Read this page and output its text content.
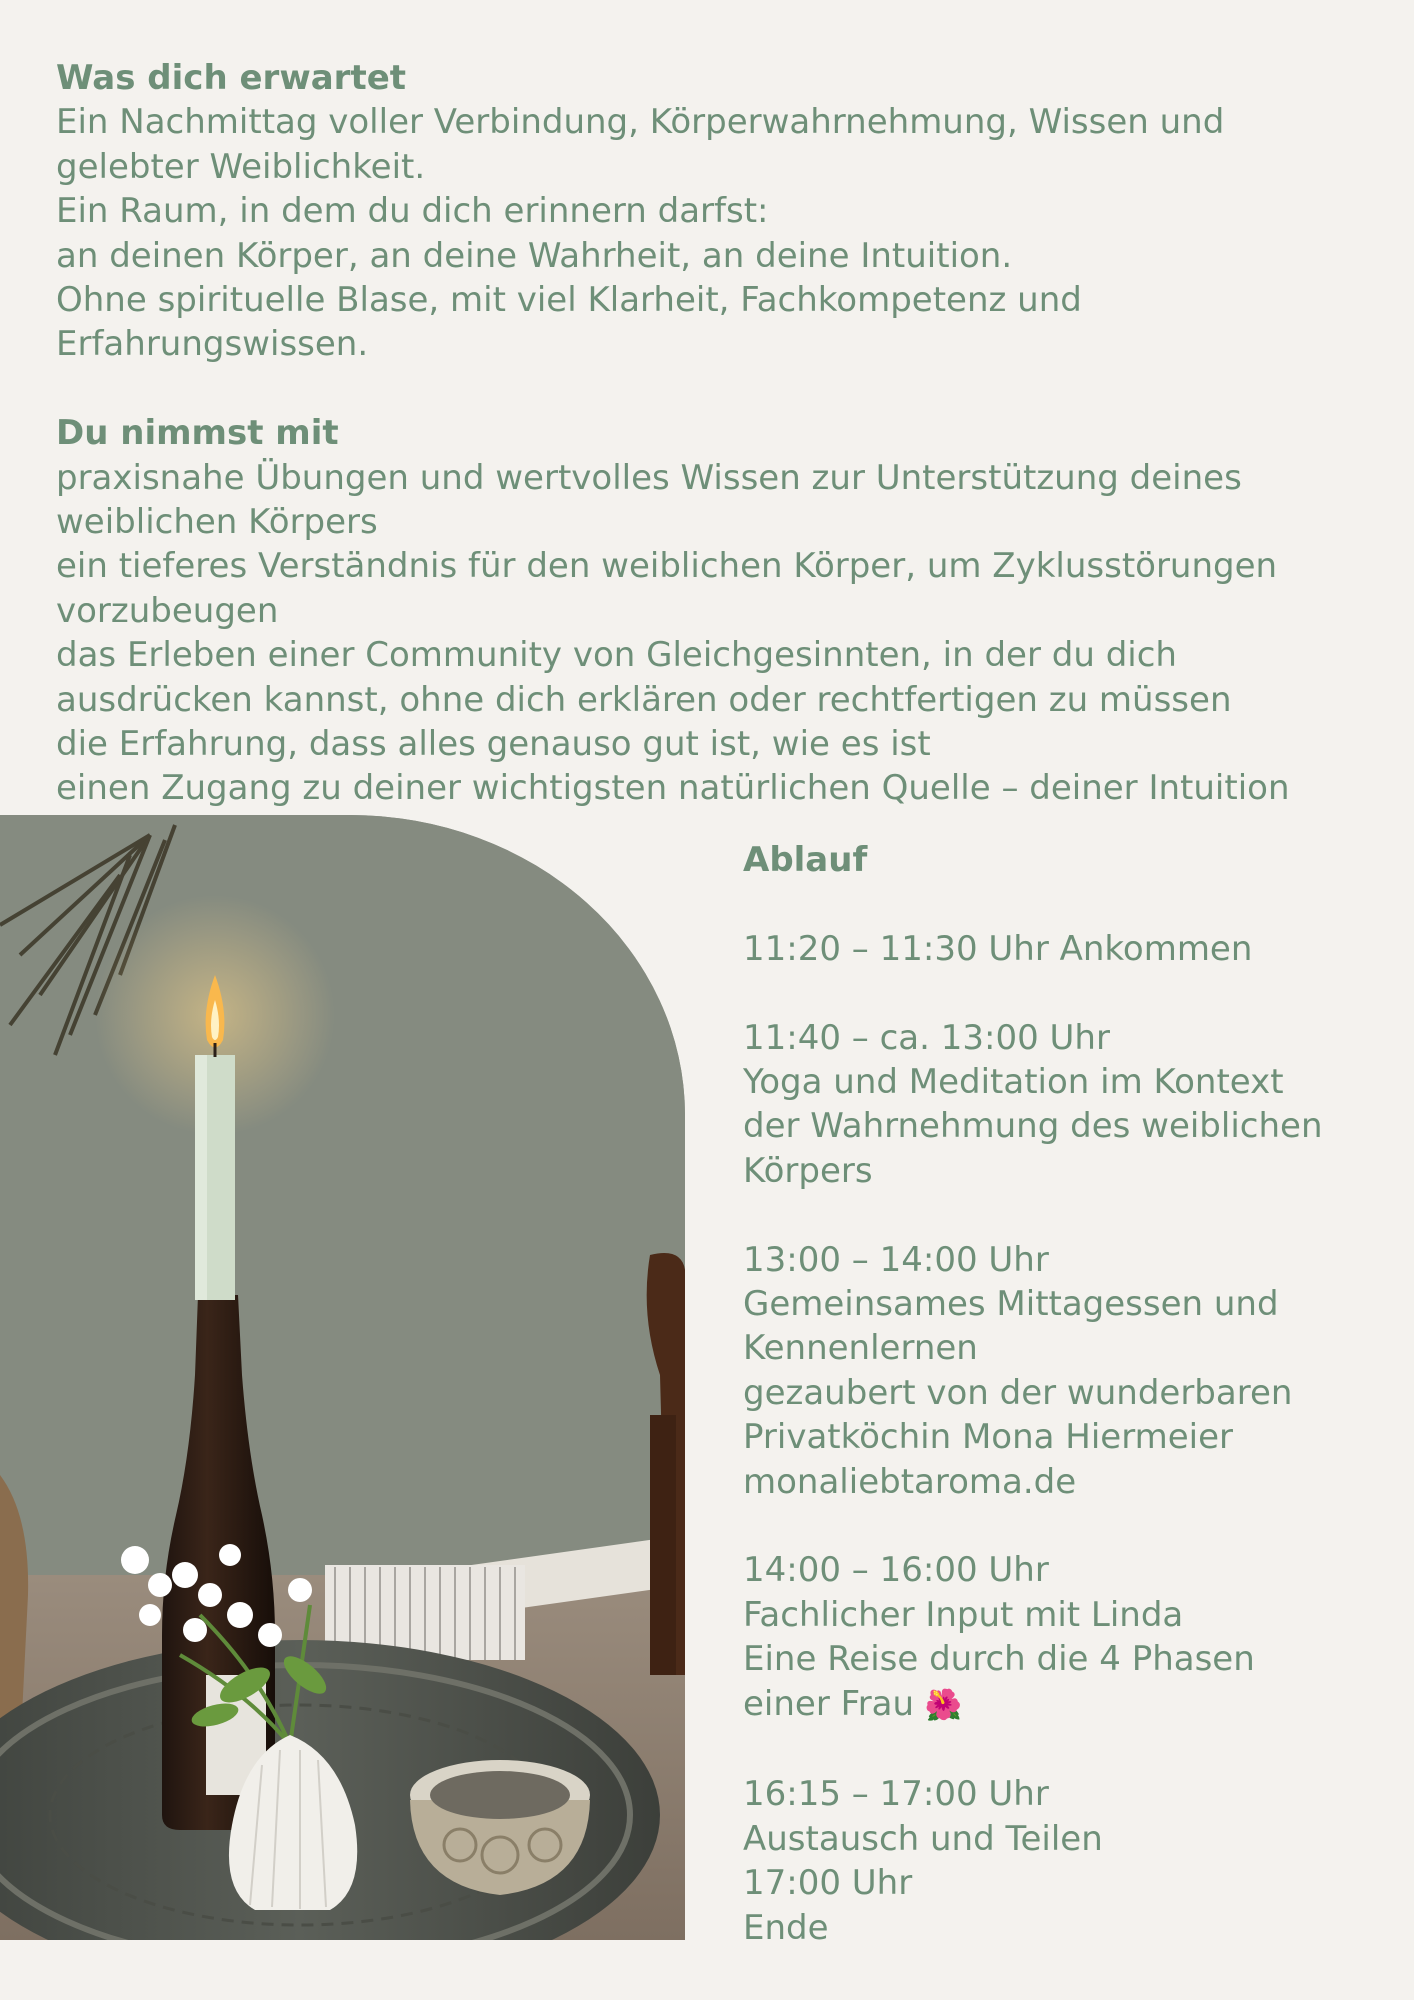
Was dich erwartet
Ein Nachmittag voller Verbindung, Körperwahrnehmung, Wissen und
gelebter Weiblichkeit.
Ein Raum, in dem du dich erinnern darfst:
an deinen Körper, an deine Wahrheit, an deine Intuition.
Ohne spirituelle Blase, mit viel Klarheit, Fachkompetenz und
Erfahrungswissen.
Du nimmst mit
praxisnahe Übungen und wertvolles Wissen zur Unterstützung deines
weiblichen Körpers
ein tieferes Verständnis für den weiblichen Körper, um Zyklusstörungen
vorzubeugen
das Erleben einer Community von Gleichgesinnten, in der du dich
ausdrücken kannst, ohne dich erklären oder rechtfertigen zu müssen
die Erfahrung, dass alles genauso gut ist, wie es ist
einen Zugang zu deiner wichtigsten natürlichen Quelle – deiner Intuition
Ablauf
11:20 – 11:30 Uhr Ankommen
11:40 – ca. 13:00 Uhr
Yoga und Meditation im Kontext
der Wahrnehmung des weiblichen
Körpers
13:00 – 14:00 Uhr
Gemeinsames Mittagessen und
Kennenlernen
gezaubert von der wunderbaren
Privatköchin Mona Hiermeier
monaliebtaroma.de
14:00 – 16:00 Uhr
Fachlicher Input mit Linda
Eine Reise durch die 4 Phasen
einer Frau 🌺
16:15 – 17:00 Uhr
Austausch und Teilen
17:00 Uhr
Ende
